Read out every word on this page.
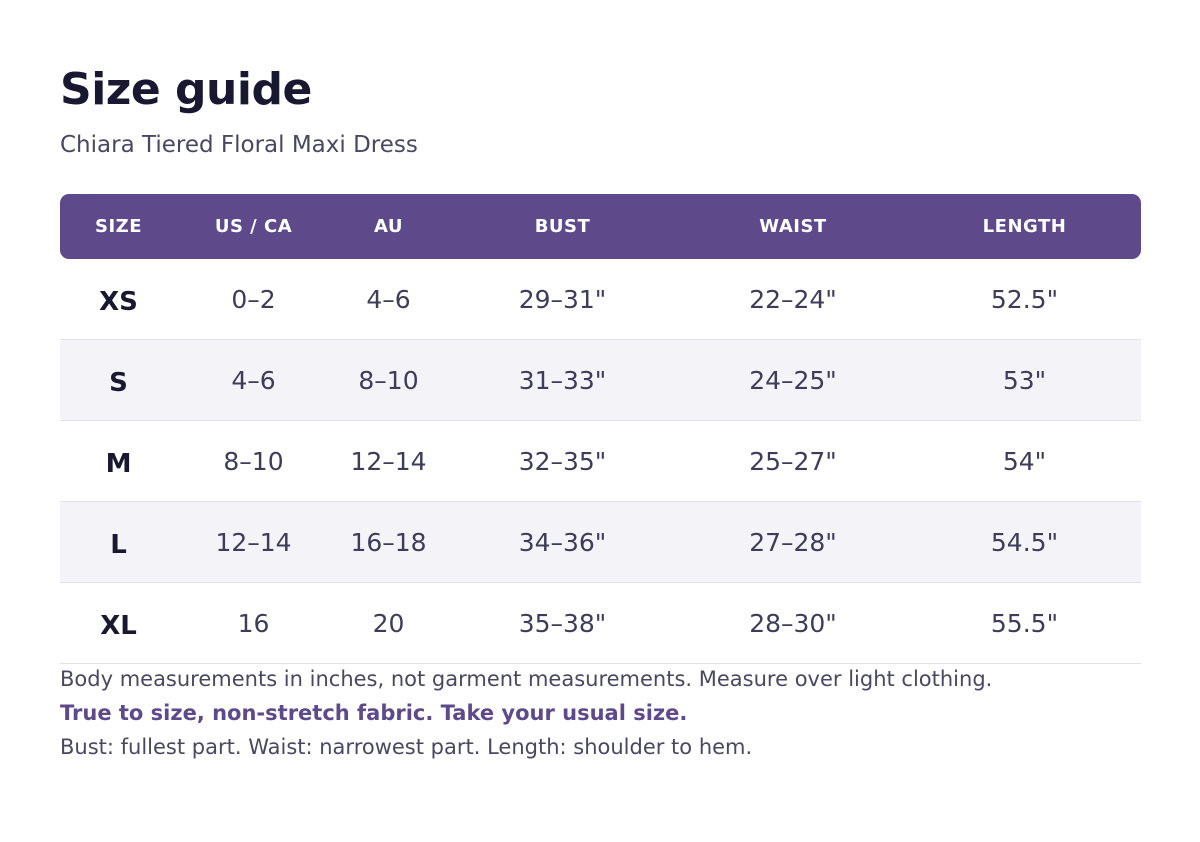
Size guide
Chiara Tiered Floral Maxi Dress
SIZE	US / CA	AU	BUST	WAIST	LENGTH
XS	0–2	4–6	29–31"	22–24"	52.5"
S	4–6	8–10	31–33"	24–25"	53"
M	8–10	12–14	32–35"	25–27"	54"
L	12–14	16–18	34–36"	27–28"	54.5"
XL	16	20	35–38"	28–30"	55.5"

Body measurements in inches, not garment measurements. Measure over light clothing.

True to size, non-stretch fabric. Take your usual size.

Bust: fullest part. Waist: narrowest part. Length: shoulder to hem.
